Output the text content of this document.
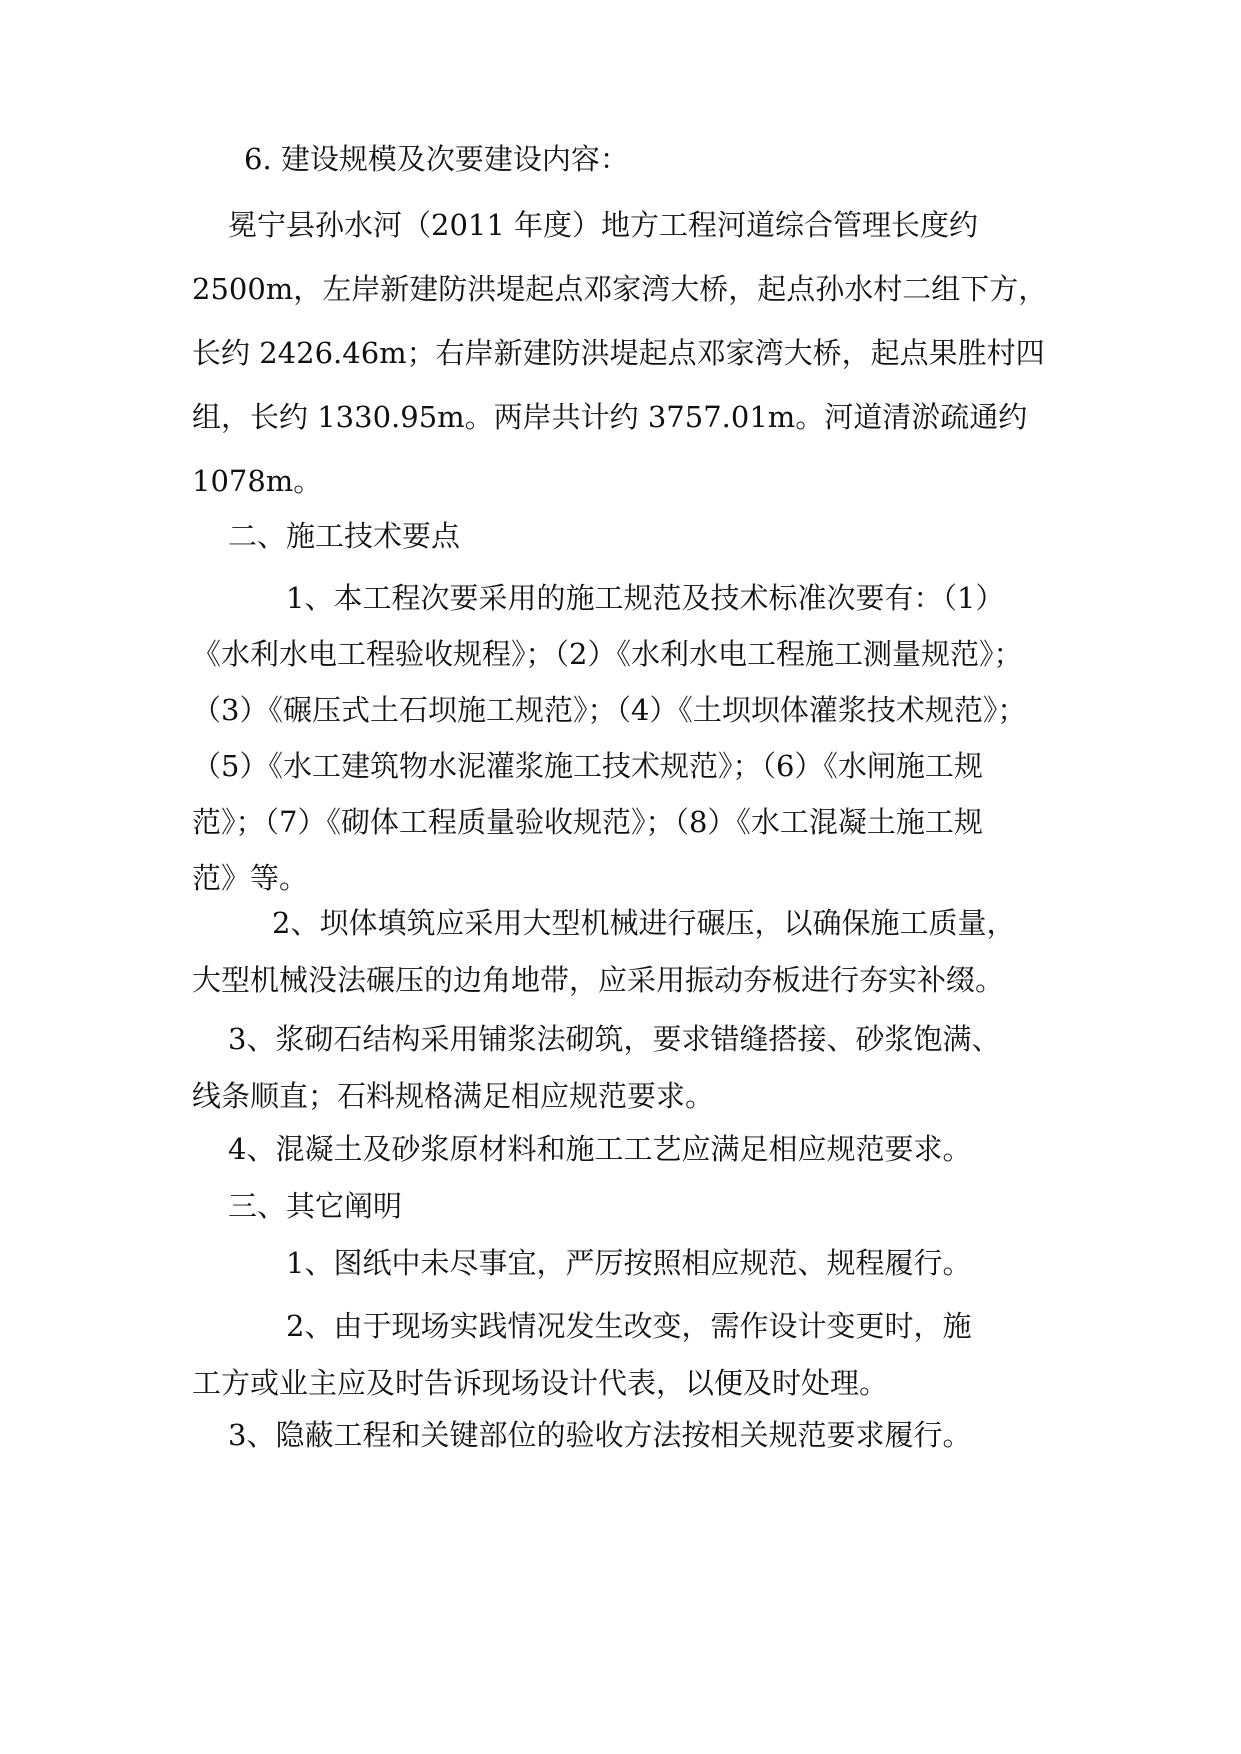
6. 建设规模及次要建设内容：

冕宁县孙水河（2011 年度）地方工程河道综合管理长度约
2500m，左岸新建防洪堤起点邓家湾大桥，起点孙水村二组下方，
长约 2426.46m；右岸新建防洪堤起点邓家湾大桥，起点果胜村四
组，长约 1330.95m。两岸共计约 3757.01m。河道清淤疏通约
1078m。

二、施工技术要点

1、本工程次要采用的施工规范及技术标准次要有：（1）
《水利水电工程验收规程》；（2）《水利水电工程施工测量规范》；
（3）《碾压式土石坝施工规范》；（4）《土坝坝体灌浆技术规范》；
（5）《水工建筑物水泥灌浆施工技术规范》；（6）《水闸施工规
范》；（7）《砌体工程质量验收规范》；（8）《水工混凝土施工规
范》等。

2、坝体填筑应采用大型机械进行碾压，以确保施工质量，
大型机械没法碾压的边角地带，应采用振动夯板进行夯实补缀。

3、浆砌石结构采用铺浆法砌筑，要求错缝搭接、砂浆饱满、
线条顺直；石料规格满足相应规范要求。

4、混凝土及砂浆原材料和施工工艺应满足相应规范要求。

三、其它阐明

1、图纸中未尽事宜，严厉按照相应规范、规程履行。

2、由于现场实践情况发生改变，需作设计变更时，施
工方或业主应及时告诉现场设计代表，以便及时处理。

3、隐蔽工程和关键部位的验收方法按相关规范要求履行。
